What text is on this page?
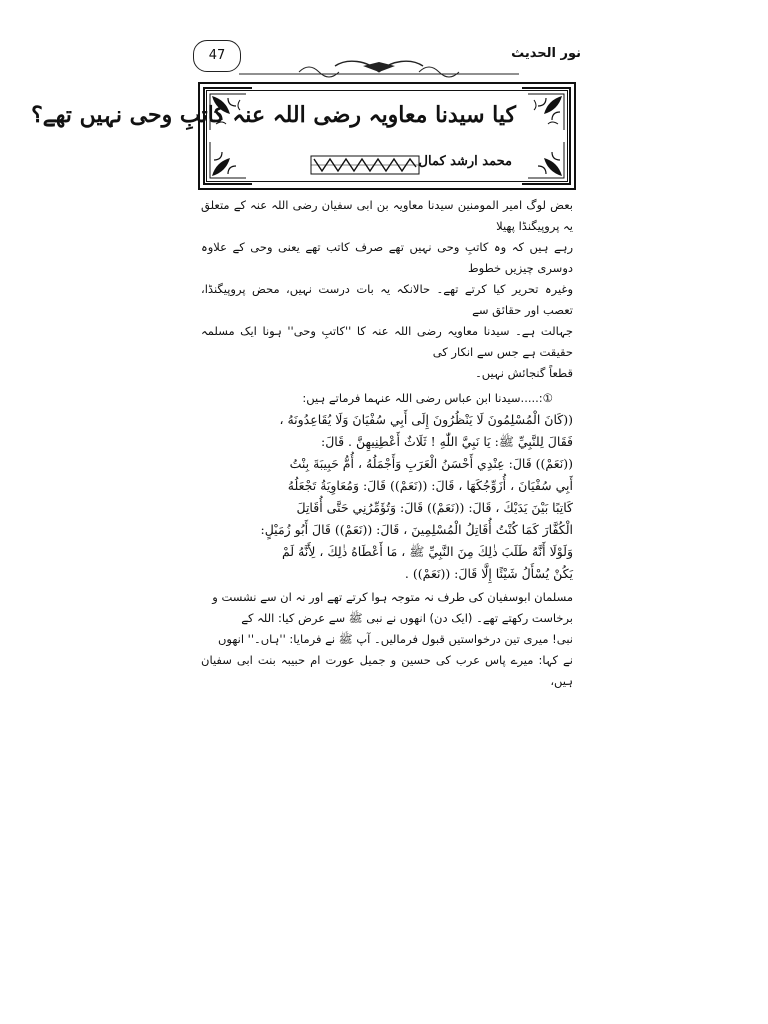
47	نور الحدیث
کیا سیدنا معاویہ رضی اللہ عنہ کاتبِ وحی نہیں تھے؟
محمد ارشد کمال

بعض لوگ امیر المومنین سیدنا معاویہ بن ابی سفیان رضی اللہ عنہ کے متعلق یہ پروپیگنڈا پھیلا

رہے ہیں کہ وہ کاتبِ وحی نہیں تھے صرف کاتب تھے یعنی وحی کے علاوہ دوسری چیزیں خطوط

وغیرہ تحریر کیا کرتے تھے۔ حالانکہ یہ بات درست نہیں، محض پروپیگنڈا، تعصب اور حقائق سے

جہالت ہے۔ سیدنا معاویہ رضی اللہ عنہ کا ''کاتبِ وحی'' ہونا ایک مسلمہ حقیقت ہے جس سے انکار کی

قطعاً گنجائش نہیں۔

①:.....سیدنا ابن عباس رضی اللہ عنہما فرماتے ہیں:

((كَانَ الْمُسْلِمُونَ لَا يَنْظُرُونَ إِلَى أَبِي سُفْيَانَ وَلَا يُقَاعِدُونَهُ ،

فَقَالَ لِلنَّبِيِّ ﷺ: يَا نَبِيَّ اللّٰهِ ! ثَلَاثٌ أَعْطِنِيهِنَّ . قَالَ:

((نَعَمْ)) قَالَ: عِنْدِي أَحْسَنُ الْعَرَبِ وَأَجْمَلُهُ ، أُمُّ حَبِيبَةَ بِنْتُ

أَبِي سُفْيَانَ ، أُزَوِّجُكَهَا ، قَالَ: ((نَعَمْ)) قَالَ: وَمُعَاوِيَةُ تَجْعَلُهُ

كَاتِبًا بَيْنَ يَدَيْكَ ، قَالَ: ((نَعَمْ)) قَالَ: وَتُؤَمِّرُنِي حَتَّى أُقَاتِلَ

الْكُفَّارَ كَمَا كُنْتُ أُقَاتِلُ الْمُسْلِمِينَ ، قَالَ: ((نَعَمْ)) قَالَ أَبُو زُمَيْلٍ:

وَلَوْلَا أَنَّهُ طَلَبَ ذٰلِكَ مِنَ النَّبِيِّ ﷺ ، مَا أَعْطَاهُ ذٰلِكَ ، لِأَنَّهُ لَمْ

يَكُنْ يُسْأَلُ شَيْئًا إِلَّا قَالَ: ((نَعَمْ)) .

مسلمان ابوسفیان کی طرف نہ متوجہ ہوا کرتے تھے اور نہ ان سے نشست و

برخاست رکھتے تھے۔ (ایک دن) انھوں نے نبی ﷺ سے عرض کیا: اللہ کے

نبی! میری تین درخواستیں قبول فرمالیں۔ آپ ﷺ نے فرمایا: ''ہاں۔'' انھوں

نے کہا: میرے پاس عرب کی حسین و جمیل عورت ام حبیبہ بنت ابی سفیان ہیں،
